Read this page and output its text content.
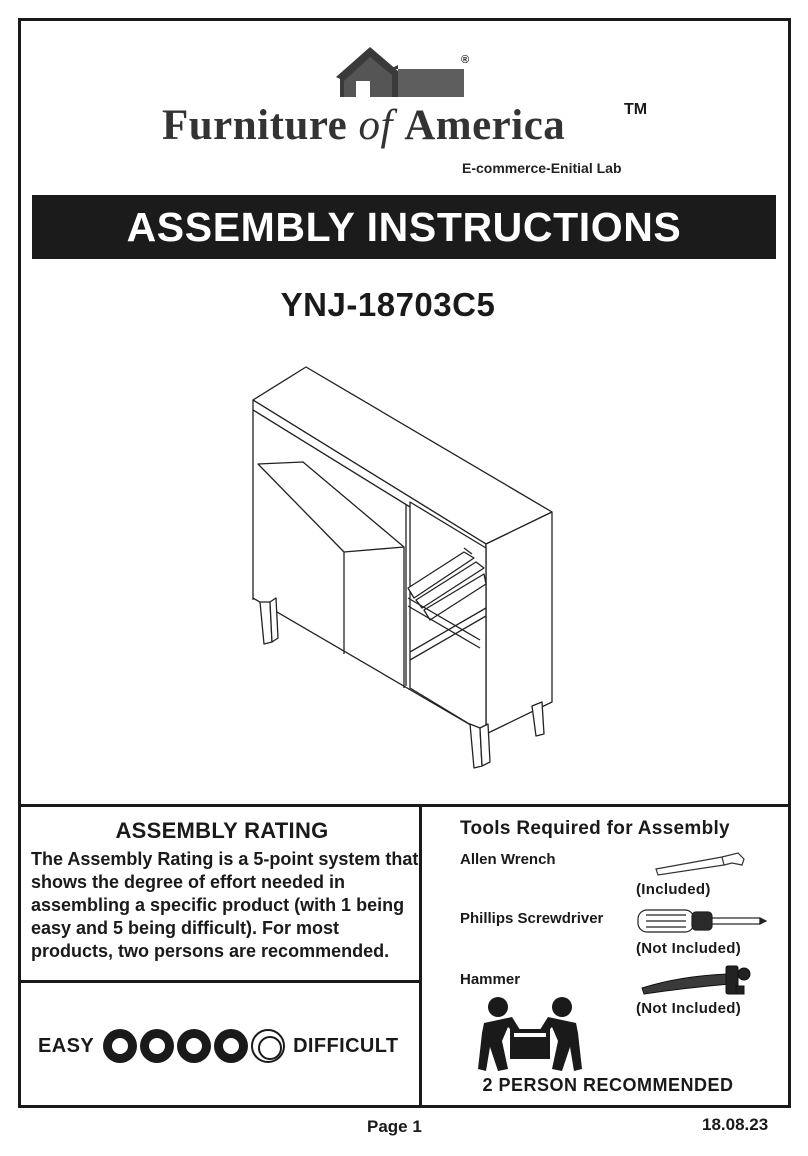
®
Furniture of America	TM
E-commerce-Enitial Lab
ASSEMBLY INSTRUCTIONS
YNJ-18703C5
ASSEMBLY RATING
The Assembly Rating is a 5-point system that shows the degree of effort needed in assembling a specific product (with 1 being easy and 5 being difficult). For most products, two persons are recommended.
EASY	DIFFICULT
Tools Required for Assembly
Allen Wrench
(Included)
Phillips Screwdriver
(Not Included)
Hammer
(Not Included)
2 PERSON RECOMMENDED
Page 1	18.08.23
